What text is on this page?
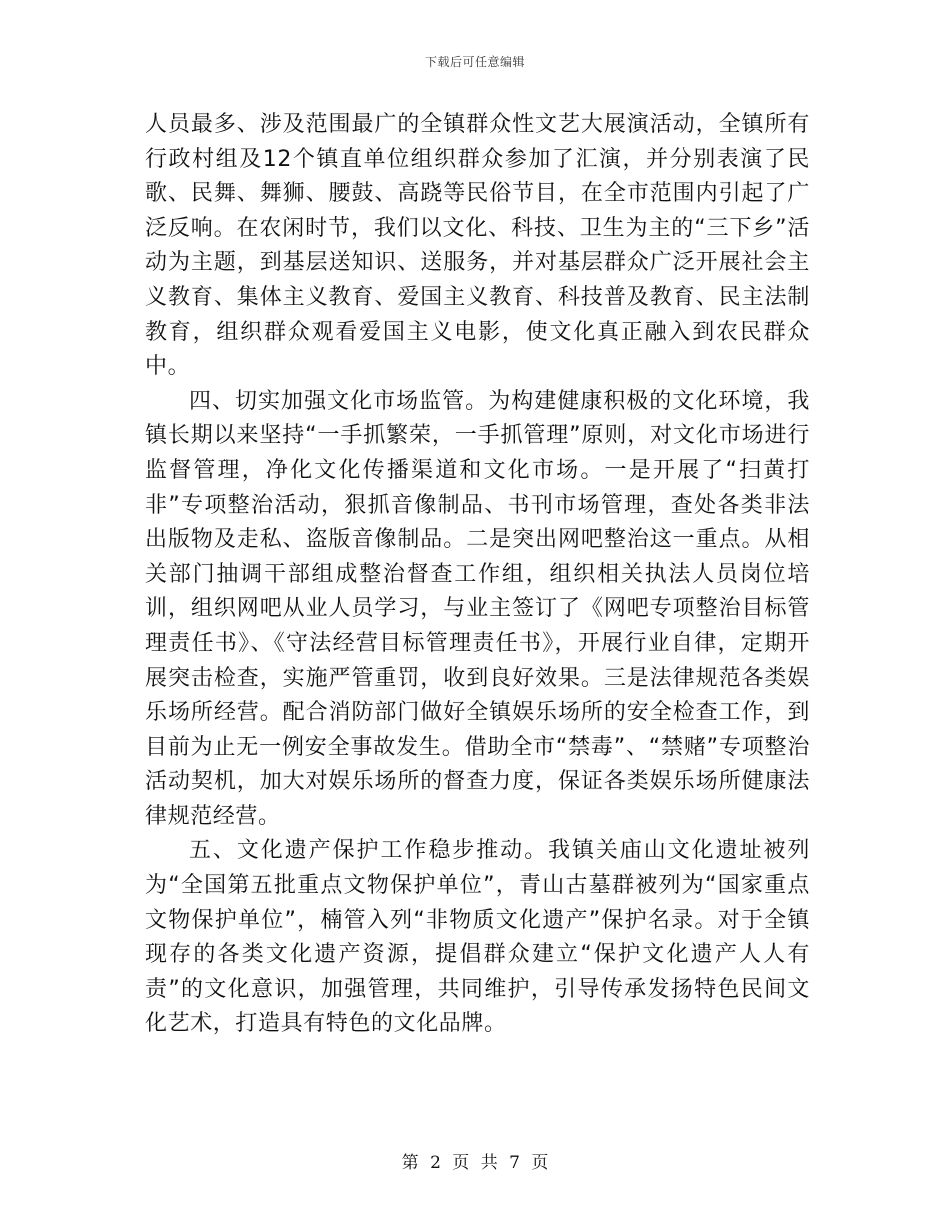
下载后可任意编辑

人员最多、涉及范围最广的全镇群众性文艺大展演活动，全镇所有行政村组及12个镇直单位组织群众参加了汇演，并分别表演了民歌、民舞、舞狮、腰鼓、高跷等民俗节目，在全市范围内引起了广泛反响。在农闲时节，我们以文化、科技、卫生为主的“三下乡”活动为主题，到基层送知识、送服务，并对基层群众广泛开展社会主义教育、集体主义教育、爱国主义教育、科技普及教育、民主法制教育，组织群众观看爱国主义电影，使文化真正融入到农民群众中。

四、切实加强文化市场监管。为构建健康积极的文化环境，我镇长期以来坚持“一手抓繁荣，一手抓管理”原则，对文化市场进行监督管理，净化文化传播渠道和文化市场。一是开展了“扫黄打非”专项整治活动，狠抓音像制品、书刊市场管理，查处各类非法出版物及走私、盗版音像制品。二是突出网吧整治这一重点。从相关部门抽调干部组成整治督查工作组，组织相关执法人员岗位培训，组织网吧从业人员学习，与业主签订了《网吧专项整治目标管理责任书》、《守法经营目标管理责任书》，开展行业自律，定期开展突击检查，实施严管重罚，收到良好效果。三是法律规范各类娱乐场所经营。配合消防部门做好全镇娱乐场所的安全检查工作，到目前为止无一例安全事故发生。借助全市“禁毒”、“禁赌”专项整治活动契机，加大对娱乐场所的督查力度，保证各类娱乐场所健康法律规范经营。

五、文化遗产保护工作稳步推动。我镇关庙山文化遗址被列为“全国第五批重点文物保护单位”，青山古墓群被列为“国家重点文物保护单位”，楠管入列“非物质文化遗产”保护名录。对于全镇现存的各类文化遗产资源，提倡群众建立“保护文化遗产人人有责”的文化意识，加强管理，共同维护，引导传承发扬特色民间文化艺术，打造具有特色的文化品牌。

第 2 页 共 7 页
